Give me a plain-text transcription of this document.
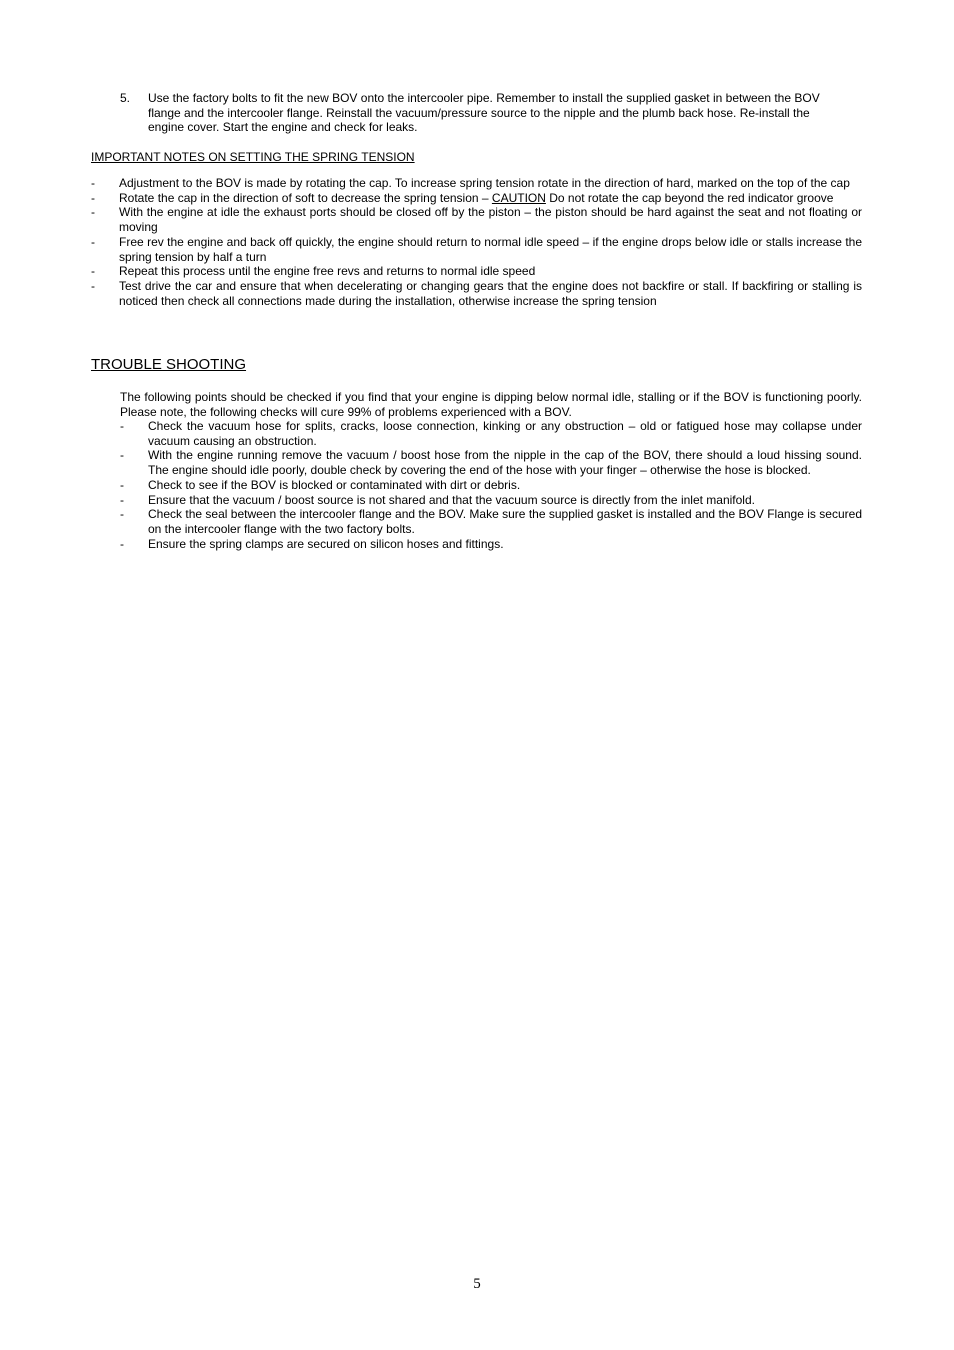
5. Use the factory bolts to fit the new BOV onto the intercooler pipe. Remember to install the supplied gasket in between the BOV flange and the intercooler flange. Reinstall the vacuum/pressure source to the nipple and the plumb back hose. Re-install the engine cover. Start the engine and check for leaks.
IMPORTANT NOTES ON SETTING THE SPRING TENSION
- Adjustment to the BOV is made by rotating the cap. To increase spring tension rotate in the direction of hard, marked on the top of the cap
- Rotate the cap in the direction of soft to decrease the spring tension – CAUTION Do not rotate the cap beyond the red indicator groove
- With the engine at idle the exhaust ports should be closed off by the piston – the piston should be hard against the seat and not floating or moving
- Free rev the engine and back off quickly, the engine should return to normal idle speed – if the engine drops below idle or stalls increase the spring tension by half a turn
- Repeat this process until the engine free revs and returns to normal idle speed
- Test drive the car and ensure that when decelerating or changing gears that the engine does not backfire or stall. If backfiring or stalling is noticed then check all connections made during the installation, otherwise increase the spring tension
TROUBLE SHOOTING
The following points should be checked if you find that your engine is dipping below normal idle, stalling or if the BOV is functioning poorly. Please note, the following checks will cure 99% of problems experienced with a BOV.
- Check the vacuum hose for splits, cracks, loose connection, kinking or any obstruction – old or fatigued hose may collapse under vacuum causing an obstruction.
- With the engine running remove the vacuum / boost hose from the nipple in the cap of the BOV, there should a loud hissing sound. The engine should idle poorly, double check by covering the end of the hose with your finger – otherwise the hose is blocked.
- Check to see if the BOV is blocked or contaminated with dirt or debris.
- Ensure that the vacuum / boost source is not shared and that the vacuum source is directly from the inlet manifold.
- Check the seal between the intercooler flange and the BOV. Make sure the supplied gasket is installed and the BOV Flange is secured on the intercooler flange with the two factory bolts.
- Ensure the spring clamps are secured on silicon hoses and fittings.
5
